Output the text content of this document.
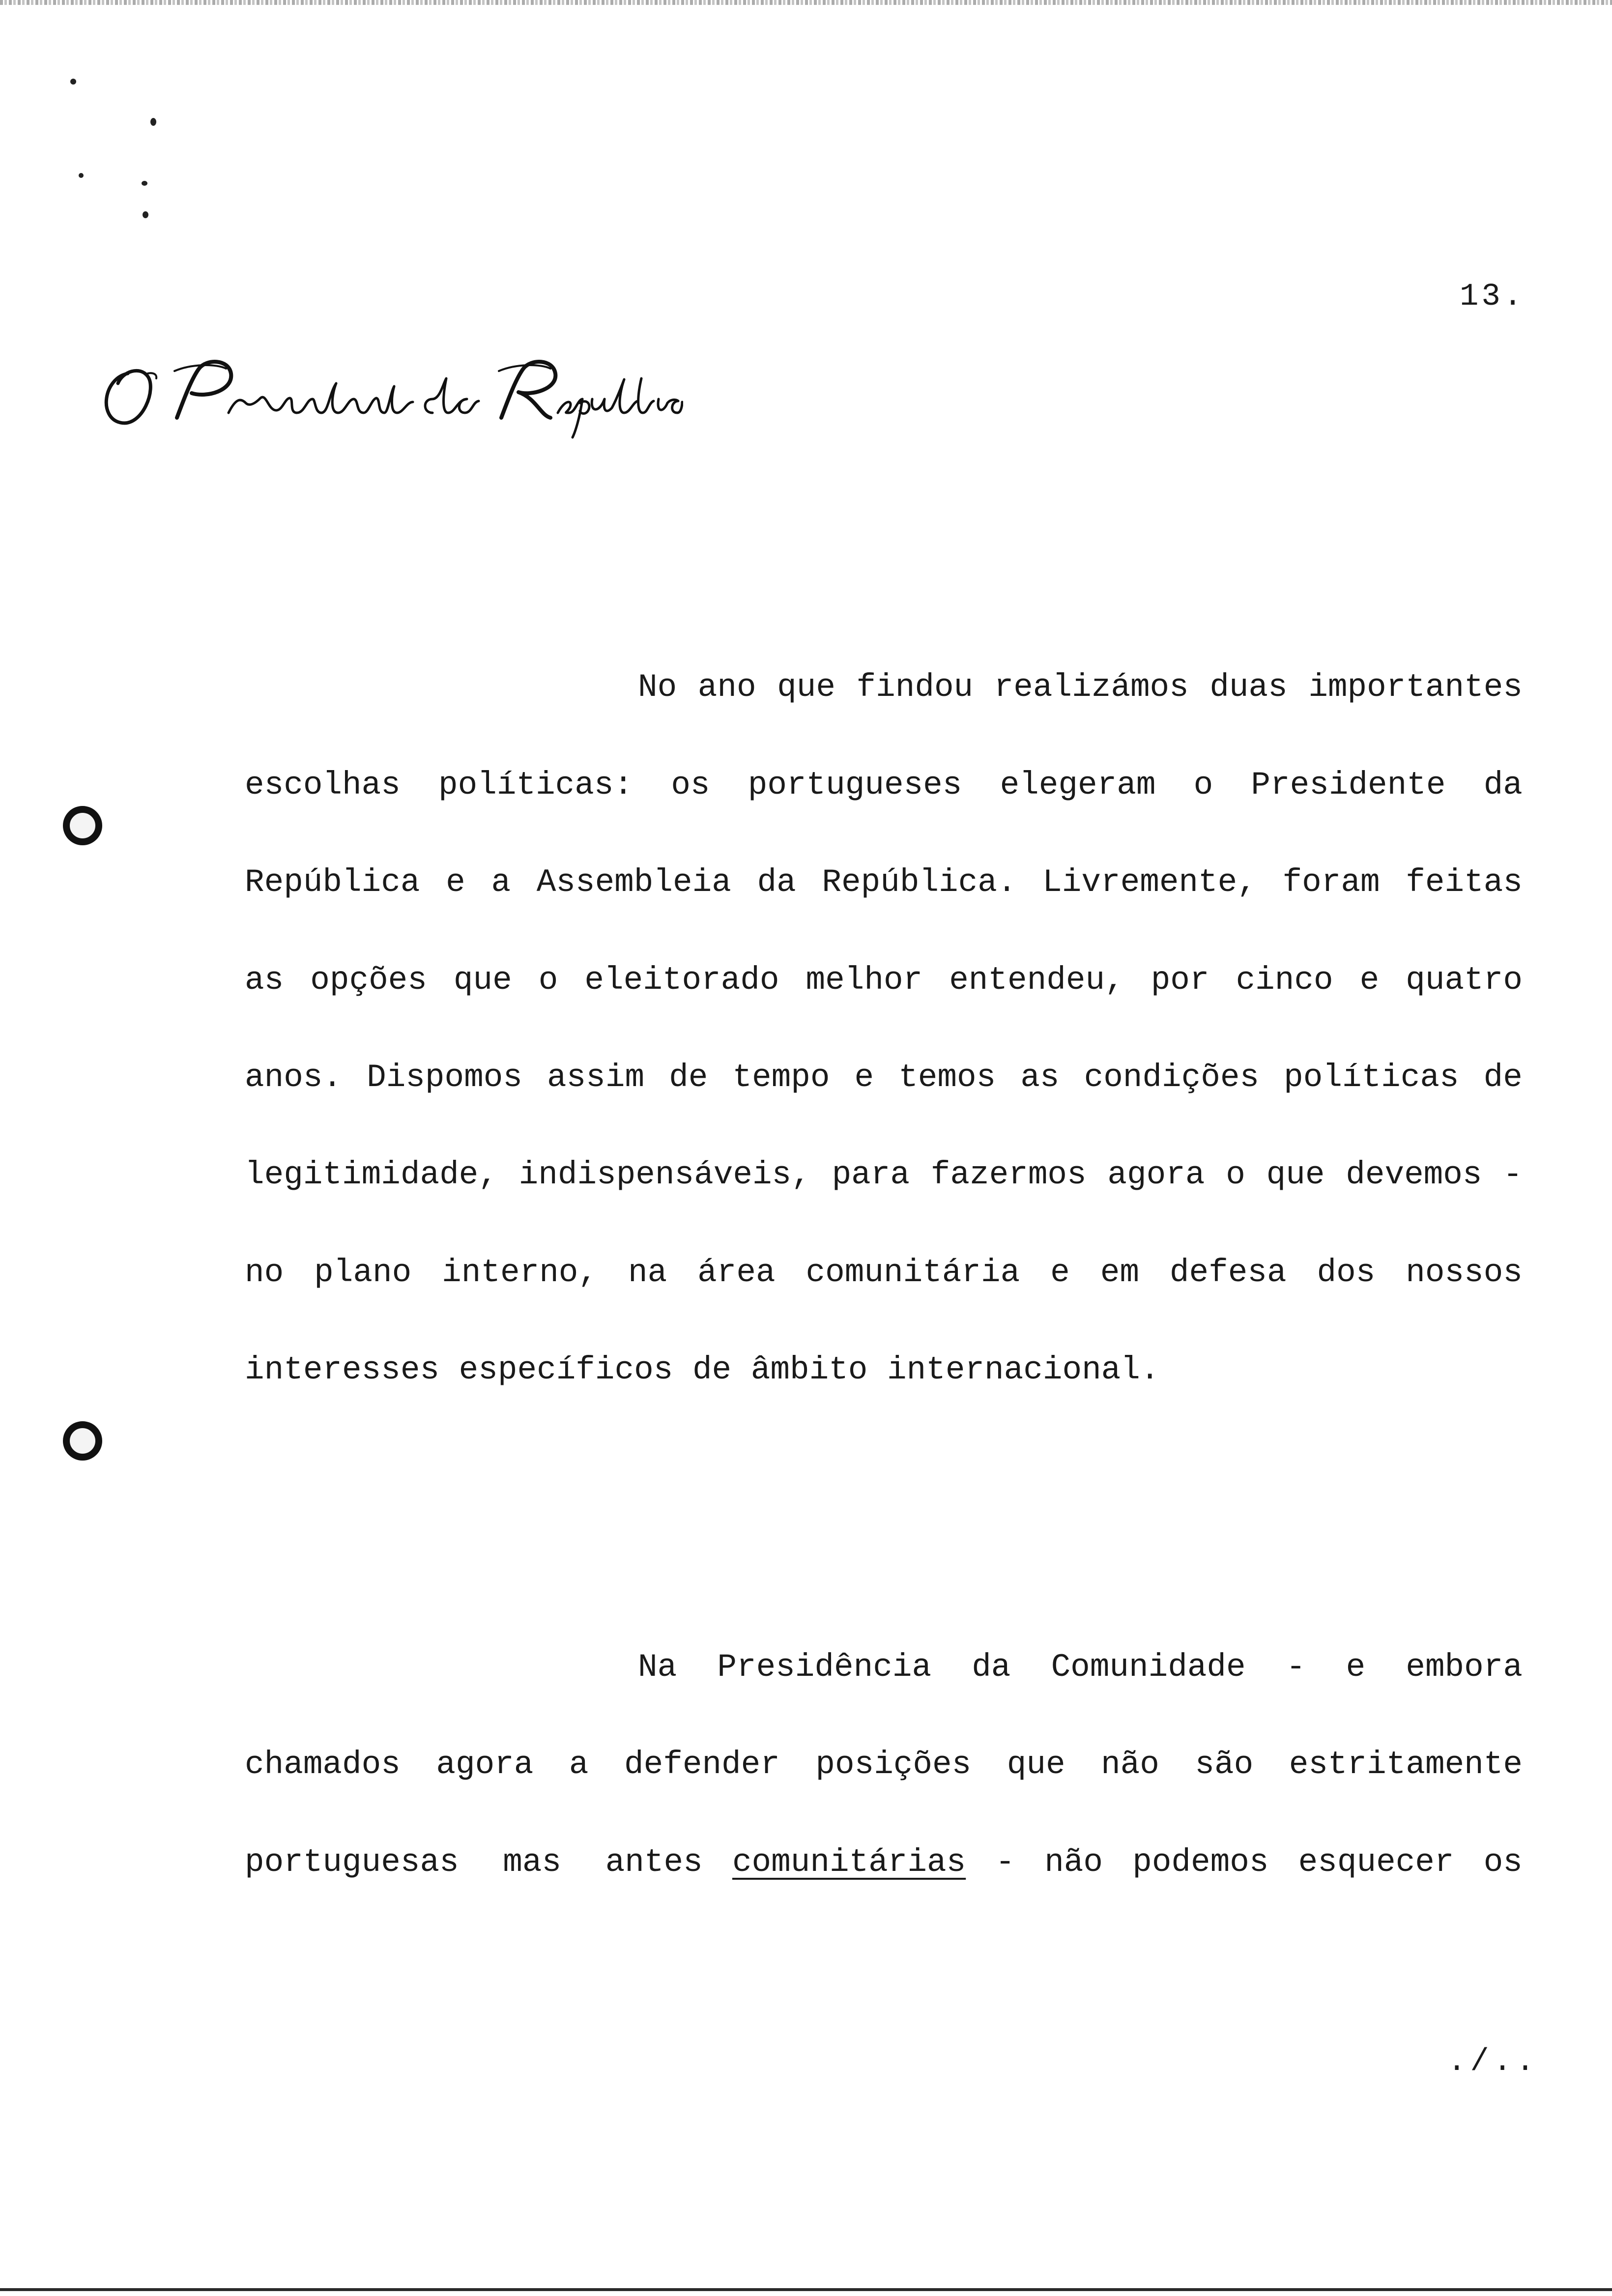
13.
No ano que findou realizámos duas importantes
escolhas políticas: os portugueses elegeram o Presidente da
República e a Assembleia da República. Livremente, foram feitas
as opções que o eleitorado melhor entendeu, por cinco e quatro
anos. Dispomos assim de tempo e temos as condições políticas de
legitimidade, indispensáveis, para fazermos agora o que devemos -
no plano interno, na área comunitária e em defesa dos nossos
interesses específicos de âmbito internacional.
Na Presidência da Comunidade - e embora
chamados agora a defender posições que não são estritamente
portuguesas mas antes comunitárias - não podemos esquecer os
./..
